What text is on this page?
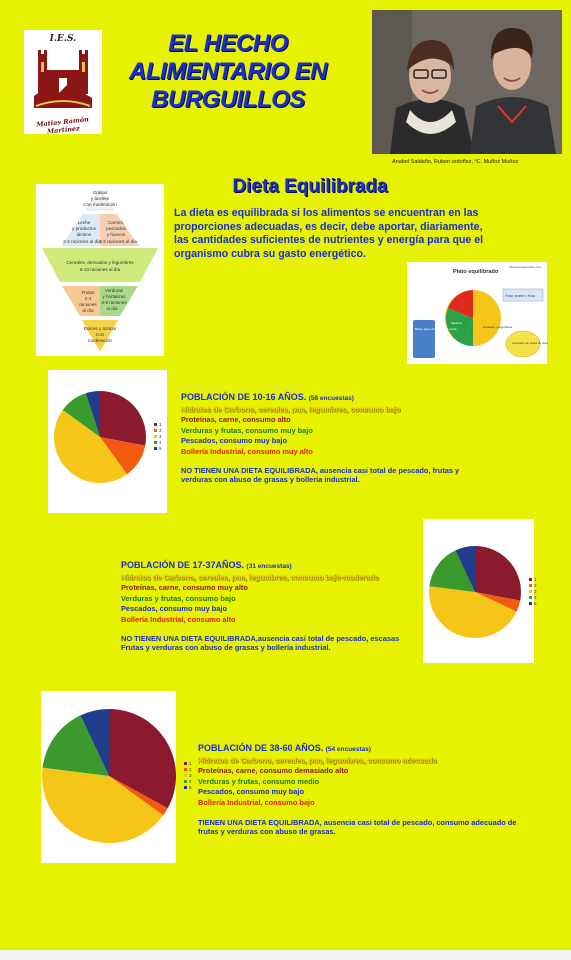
I.E.S.
Matias Ramón Martínez
EL HECHO ALIMENTARIO EN BURGUILLOS
Anabel Saldaño, Ruben ordoñez, ºC. Muñoz Muñoz
Grasas
y aceites
Con moderación
Leche
y productos
lácteos
2-3 raciones al día
Carnes,
pescados
y huevos
2-3 raciones al día
Cereales, derivados y legumbres
6-10 raciones al día
Frutas
2-4
raciones
al día
Verduras
y hortalizas
3-5 raciones
al día
Dulces y azúcar
Con
moderación
Dieta Equilibrada
La dieta es equilibrada si los alimentos se encuentran en las proporciones adecuadas, es decir, debe aportar, diariamente, las cantidades suficientes de nutrientes y energía para que el organismo cubra su gasto energético.
Plato equilibrado
Ilbarcelonaudunline.com
Fruta: postre o fruta
Verdura
Cereales y legumbres
Beber agua durante todo el día
Cocinado con aceite de oliva
1
2
3
4
5
POBLACIÓN DE 10-16 AÑOS. (58 encuestas)
Hidratos de Carbono, cereales, pan, legumbres, consumo bajo
Proteínas, carne, consumo alto
Verduras y frutas, consumo muy bajo
Pescados, consumo muy bajo
Bollería Industrial, consumo muy alto
NO TIENEN UNA DIETA EQUILIBRADA, ausencia casi total de pescado, frutas y verduras con abuso de grasas y bollería industrial.
1
2
3
4
5
POBLACIÓN DE 17-37AÑOS. (31 encuestas)
Hidratos de Carbono, cereales, pan, legumbres, consumo bajo-moderado
Proteínas, carne, consumo muy alto
Verduras y frutas, consumo bajo
Pescados, consumo muy bajo
Bollería Industrial, consumo alto
NO TIENEN UNA DIETA EQUILIBRADA,ausencia casi total de pescado, escasas Frutas y verduras con abuso de grasas y bollería industrial.
1
2
3
4
5
POBLACIÓN DE 38-60 AÑOS. (54 encuestas)
Hidratos de Carbono, cereales, pan, legumbres, consumo adecuado
Proteínas, carne, consumo demasiado alto
Verduras y frutas, consumo medio
Pescados, consumo muy bajo
Bollería Industrial, consumo bajo
TIENEN UNA DIETA EQUILIBRADA, ausencia casi total de pescado, consumo adecuado de frutas y verduras con abuso de grasas.
